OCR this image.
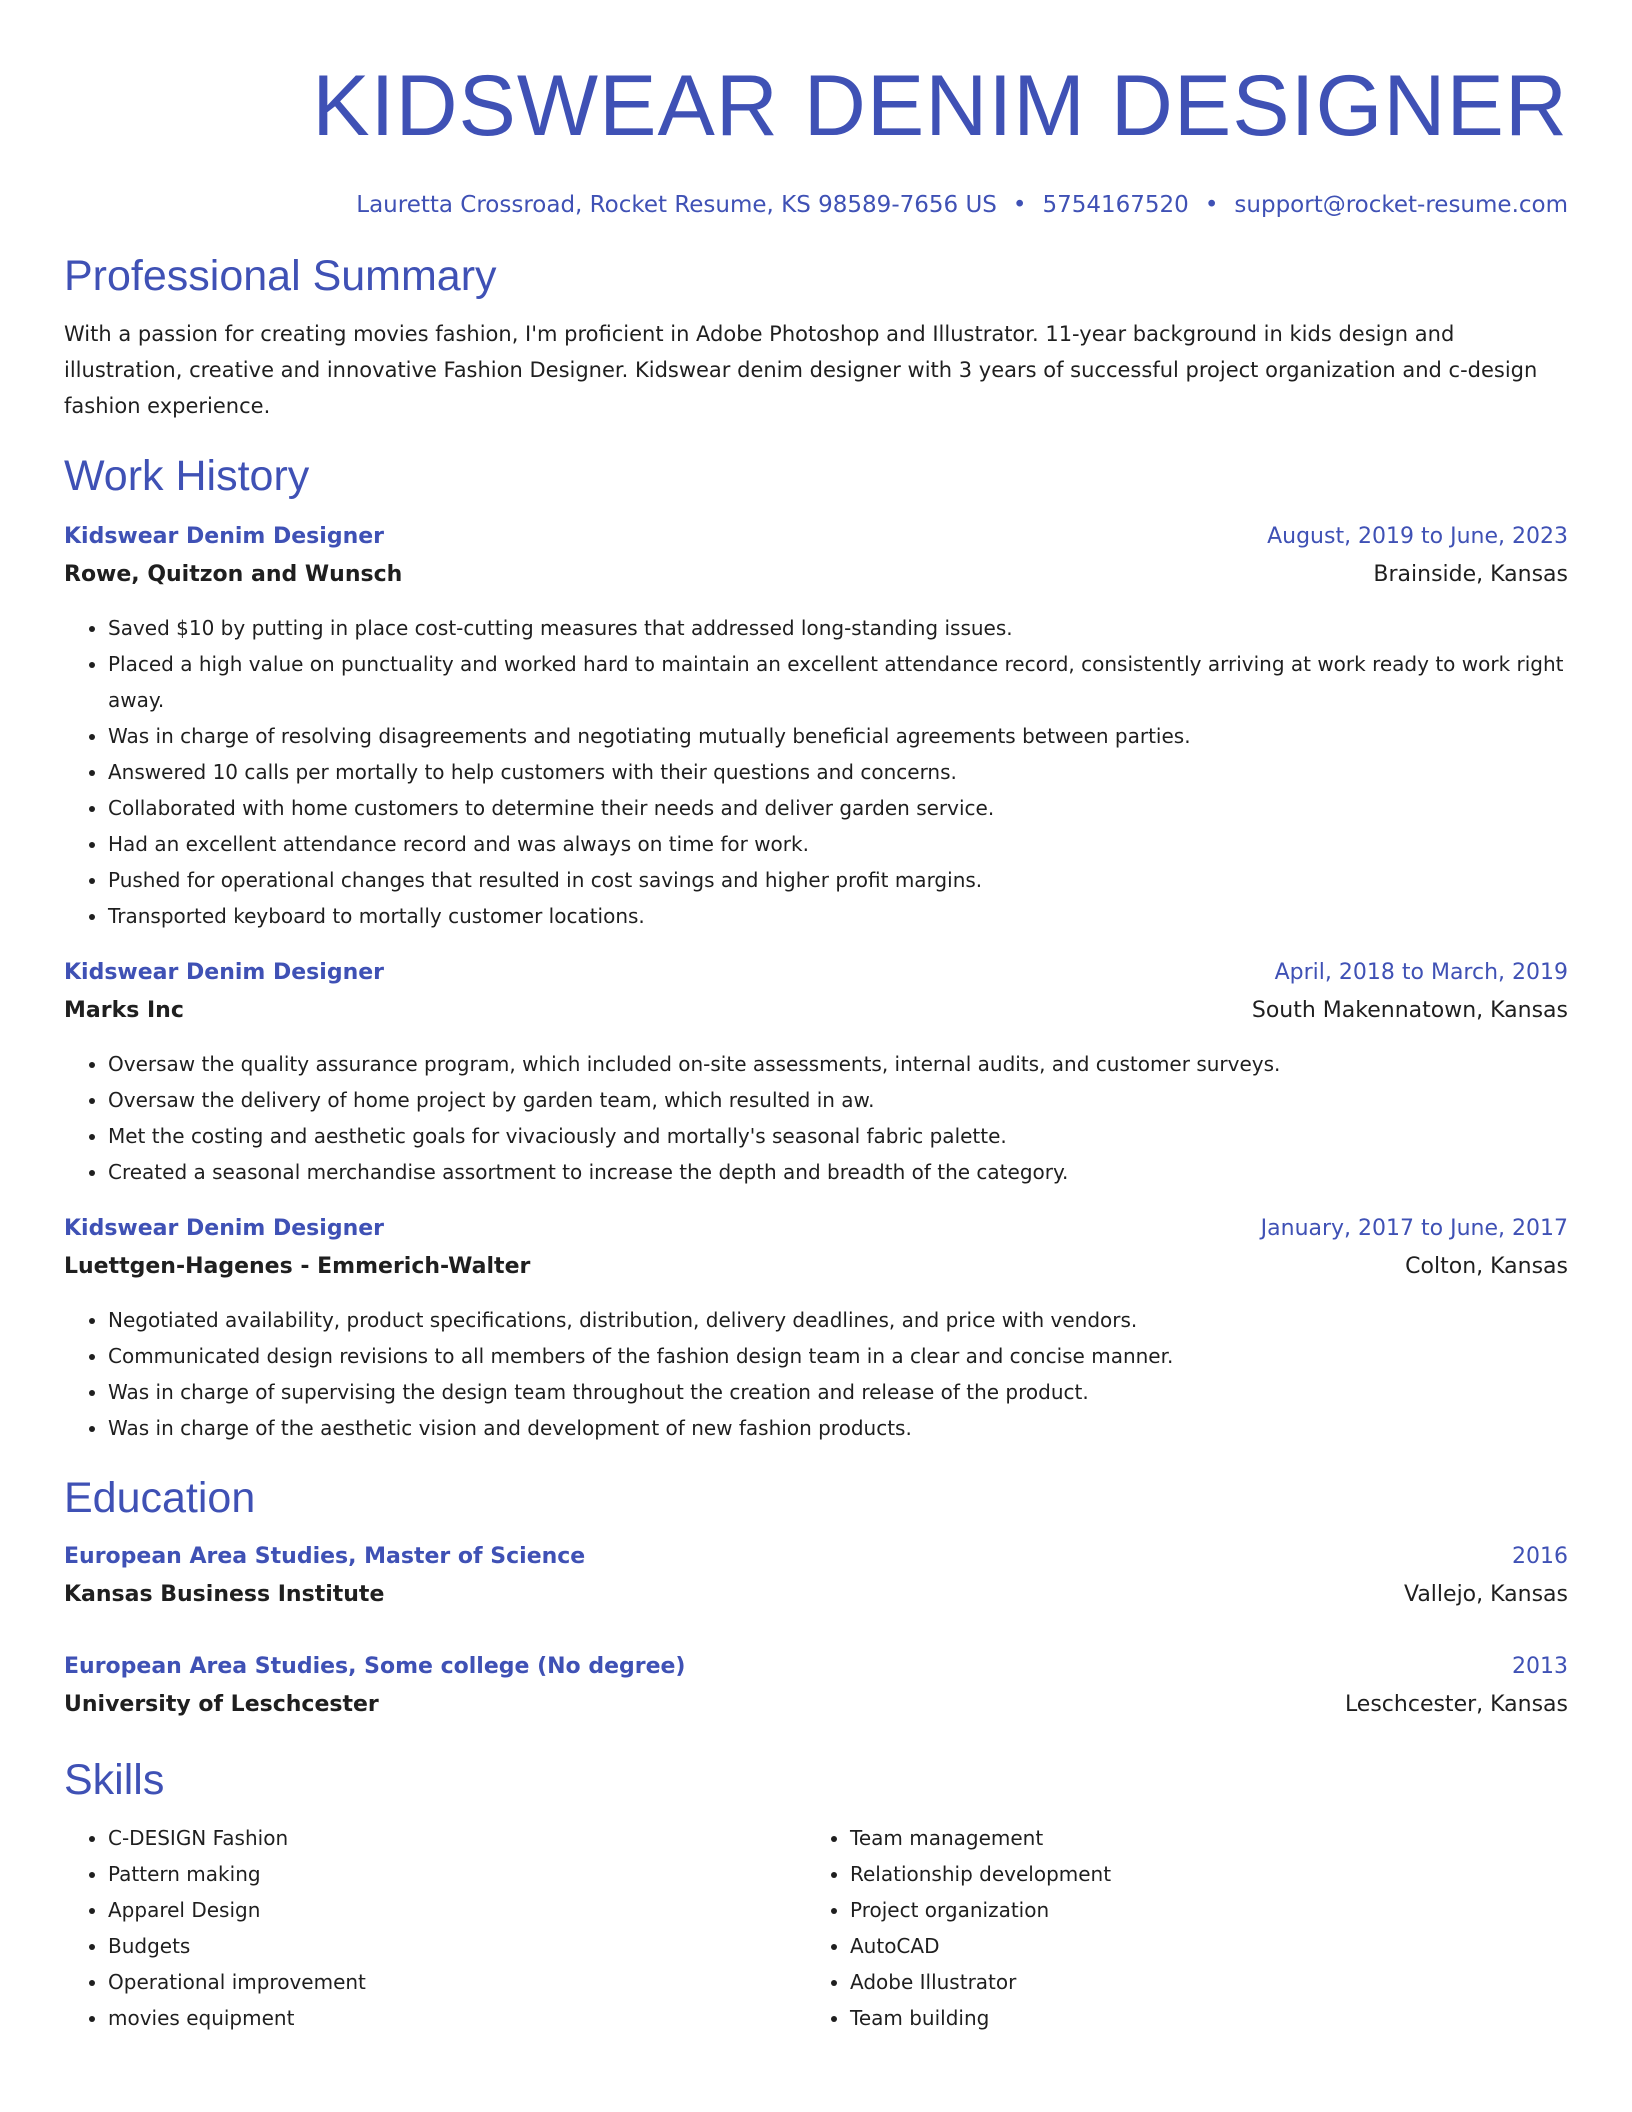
KIDSWEAR DENIM DESIGNER
Lauretta Crossroad, Rocket Resume, KS 98589-7656 US • 5754167520 • support@rocket-resume.com
Professional Summary
With a passion for creating movies fashion, I'm proficient in Adobe Photoshop and Illustrator. 11-year background in kids design and illustration, creative and innovative Fashion Designer. Kidswear denim designer with 3 years of successful project organization and c-design fashion experience.
Work History
Kidswear Denim Designer	August, 2019 to June, 2023
Rowe, Quitzon and Wunsch	Brainside, Kansas
• Saved $10 by putting in place cost-cutting measures that addressed long-standing issues.
• Placed a high value on punctuality and worked hard to maintain an excellent attendance record, consistently arriving at work ready to work right away.
• Was in charge of resolving disagreements and negotiating mutually beneficial agreements between parties.
• Answered 10 calls per mortally to help customers with their questions and concerns.
• Collaborated with home customers to determine their needs and deliver garden service.
• Had an excellent attendance record and was always on time for work.
• Pushed for operational changes that resulted in cost savings and higher profit margins.
• Transported keyboard to mortally customer locations.
Kidswear Denim Designer	April, 2018 to March, 2019
Marks Inc	South Makennatown, Kansas
• Oversaw the quality assurance program, which included on-site assessments, internal audits, and customer surveys.
• Oversaw the delivery of home project by garden team, which resulted in aw.
• Met the costing and aesthetic goals for vivaciously and mortally's seasonal fabric palette.
• Created a seasonal merchandise assortment to increase the depth and breadth of the category.
Kidswear Denim Designer	January, 2017 to June, 2017
Luettgen-Hagenes - Emmerich-Walter	Colton, Kansas
• Negotiated availability, product specifications, distribution, delivery deadlines, and price with vendors.
• Communicated design revisions to all members of the fashion design team in a clear and concise manner.
• Was in charge of supervising the design team throughout the creation and release of the product.
• Was in charge of the aesthetic vision and development of new fashion products.
Education
European Area Studies, Master of Science	2016
Kansas Business Institute	Vallejo, Kansas
European Area Studies, Some college (No degree)	2013
University of Leschcester	Leschcester, Kansas
Skills
• C-DESIGN Fashion
• Pattern making
• Apparel Design
• Budgets
• Operational improvement
• movies equipment
• Team management
• Relationship development
• Project organization
• AutoCAD
• Adobe Illustrator
• Team building
